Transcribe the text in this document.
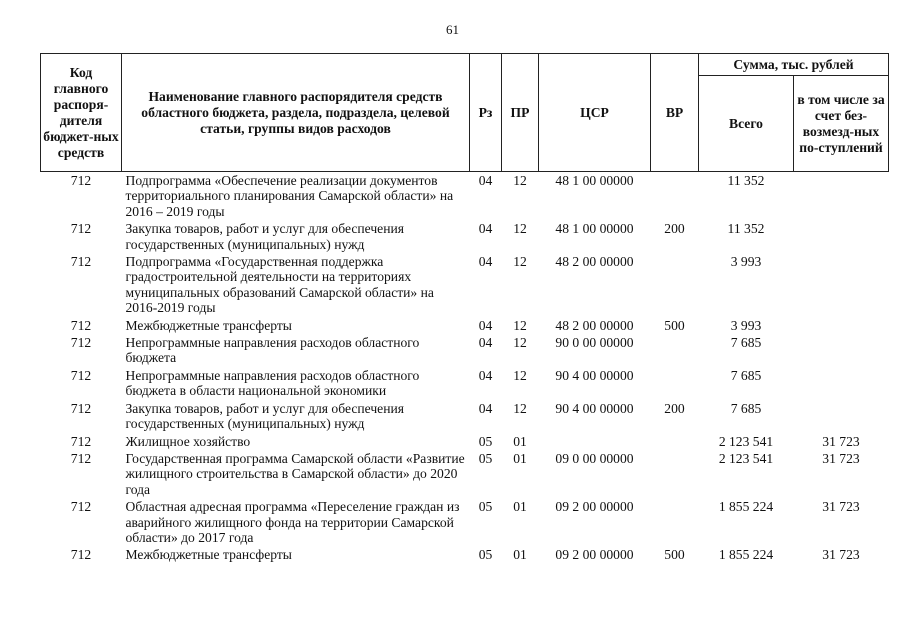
61
Код главного распоря-дителя бюджет-ных средств	Наименование главного распорядителя средств областного бюджета, раздела, подраздела, целевой статьи, группы видов расходов	Рз	ПР	ЦСР	ВР	Сумма, тыс. рублей	
						Всего	в том числе за счет без-возмезд-ных по-ступлений
712	Подпрограмма «Обеспечение реализации документов территориального планирования Самарской области» на 2016 – 2019 годы	04	12	48 1 00 00000		11 352	
712	Закупка товаров, работ и услуг для обеспечения государственных (муниципальных) нужд	04	12	48 1 00 00000	200	11 352	
712	Подпрограмма «Государственная поддержка градостроительной деятельности на территориях муниципальных образований Самарской области» на 2016-2019 годы	04	12	48 2 00 00000		3 993	
712	Межбюджетные трансферты	04	12	48 2 00 00000	500	3 993	
712	Непрограммные направления расходов областного бюджета	04	12	90 0 00 00000		7 685	
712	Непрограммные направления расходов областного бюджета в области национальной экономики	04	12	90 4 00 00000		7 685	
712	Закупка товаров, работ и услуг для обеспечения государственных (муниципальных) нужд	04	12	90 4 00 00000	200	7 685	
712	Жилищное хозяйство	05	01			2 123 541	31 723
712	Государственная программа Самарской области «Развитие жилищного строительства в Самарской области» до 2020 года	05	01	09 0 00 00000		2 123 541	31 723
712	Областная адресная программа «Переселение граждан из аварийного жилищного фонда на территории Самарской области» до 2017 года	05	01	09 2 00 00000		1 855 224	31 723
712	Межбюджетные трансферты	05	01	09 2 00 00000	500	1 855 224	31 723
